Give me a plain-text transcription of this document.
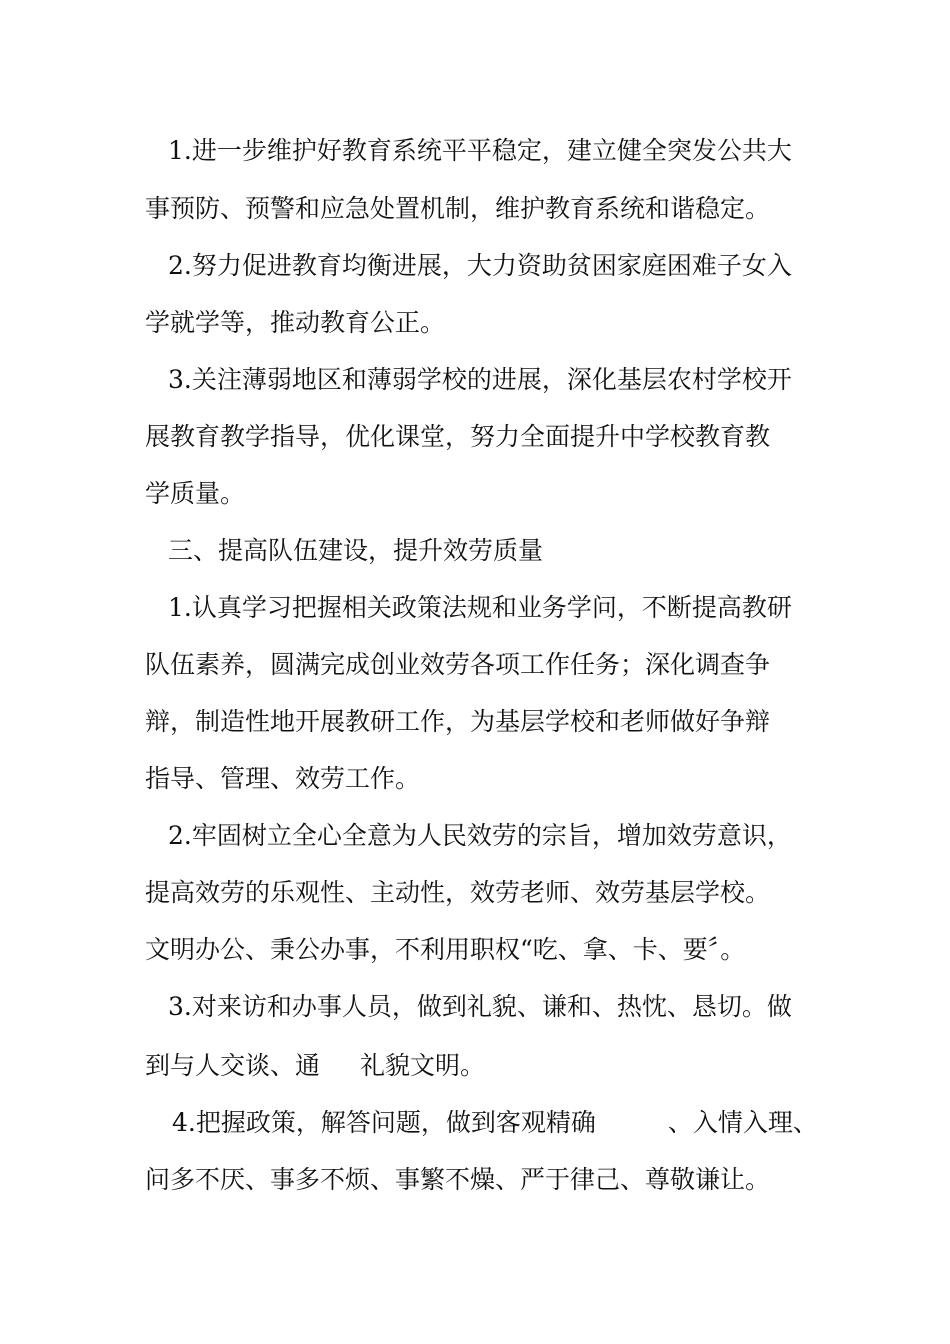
1.进一步维护好教育系统平平稳定，建立健全突发公共大
事预防、预警和应急处置机制，维护教育系统和谐稳定。
2.努力促进教育均衡进展，大力资助贫困家庭困难子女入
学就学等，推动教育公正。
3.关注薄弱地区和薄弱学校的进展，深化基层农村学校开
展教育教学指导，优化课堂，努力全面提升中学校教育教
学质量。
三、提高队伍建设，提升效劳质量
1.认真学习把握相关政策法规和业务学问，不断提高教研
队伍素养，圆满完成创业效劳各项工作任务；深化调查争
辩，制造性地开展教研工作，为基层学校和老师做好争辩
指导、管理、效劳工作。
2.牢固树立全心全意为人民效劳的宗旨，增加效劳意识，
提高效劳的乐观性、主动性，效劳老师、效劳基层学校。
文明办公、秉公办事，不利用职权“吃、拿、卡、要〞。
3.对来访和办事人员，做到礼貌、谦和、热忱、恳切。做
到与人交谈、通 礼貌文明。
4.把握政策，解答问题，做到客观精确	、入情入理、
问多不厌、事多不烦、事繁不燥、严于律己、尊敬谦让。
